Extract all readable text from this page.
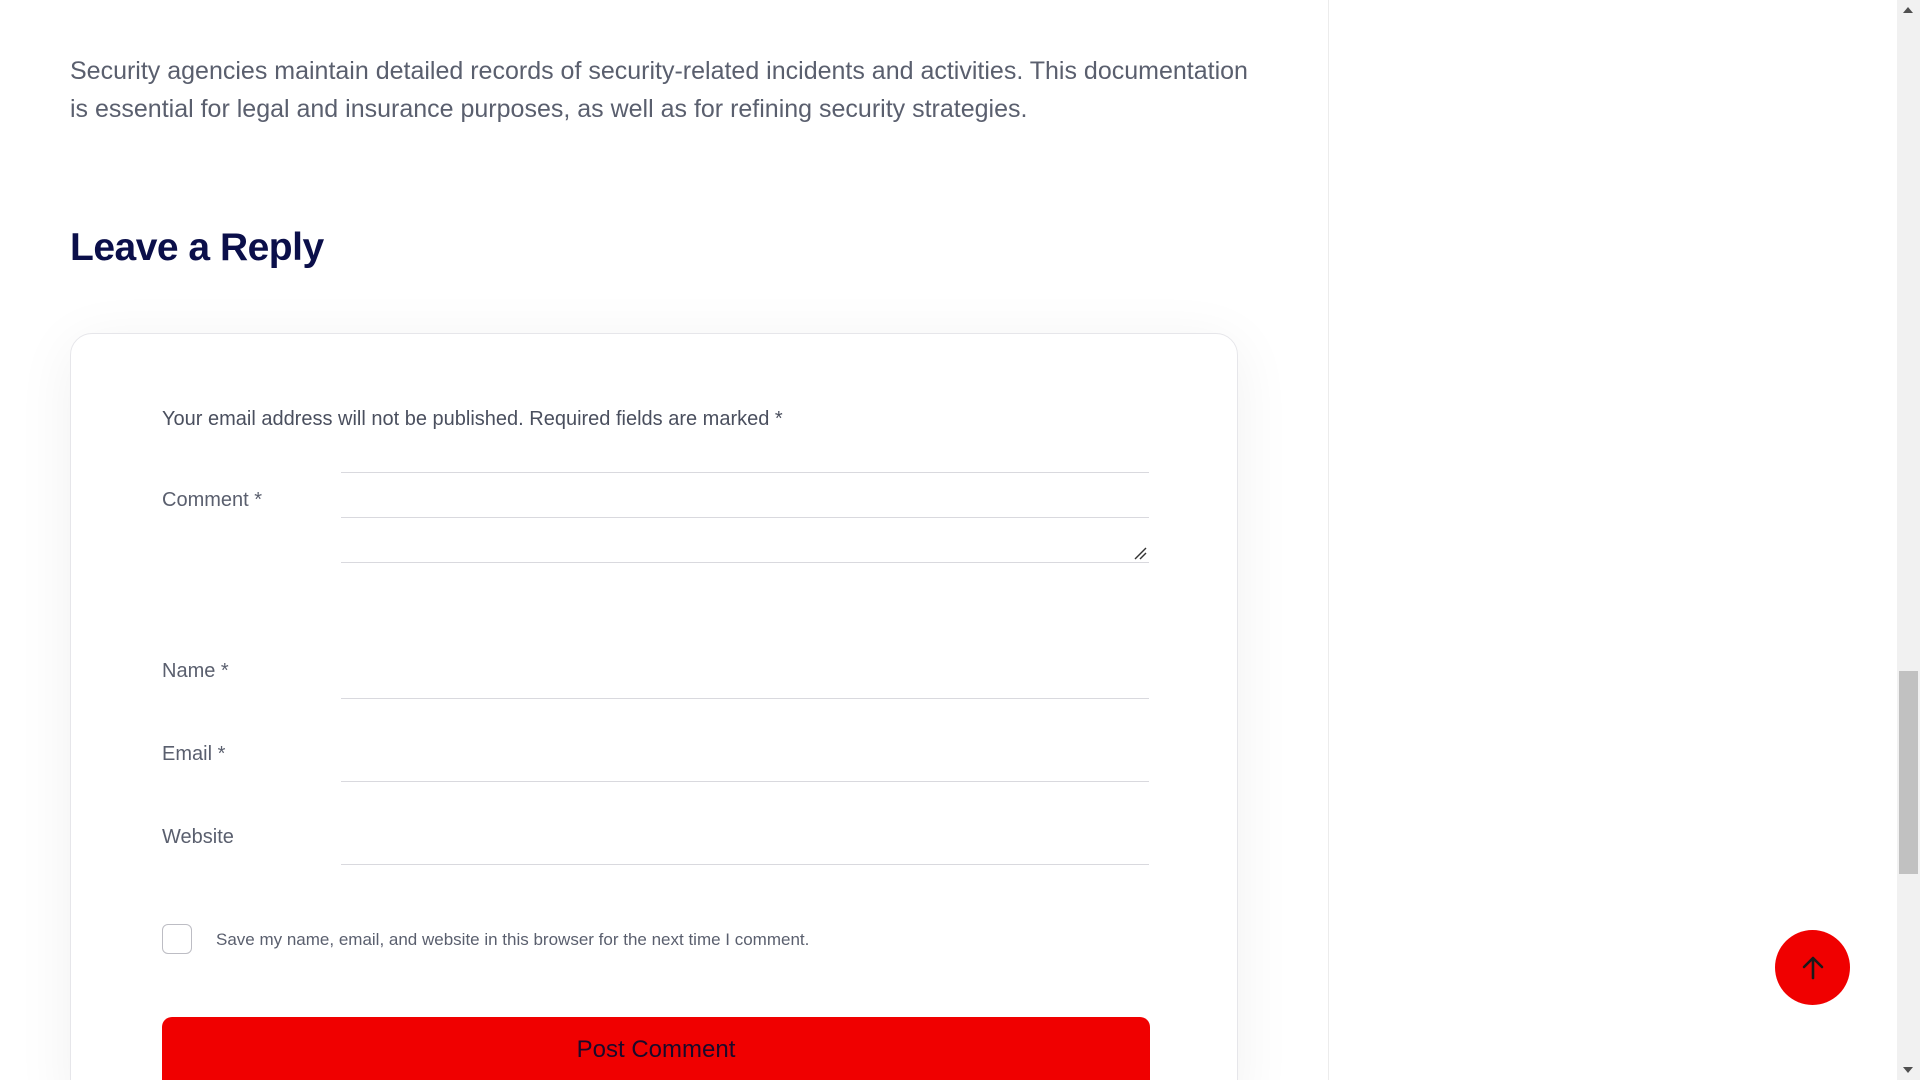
Security agencies maintain detailed records of security-related incidents and activities. This documentation is essential for legal and insurance purposes, as well as for refining security strategies.

Leave a Reply

Your email address will not be published. Required fields are marked *

Comment *
Name *
Email *
Website
Save my name, email, and website in this browser for the next time I comment.
Post Comment
